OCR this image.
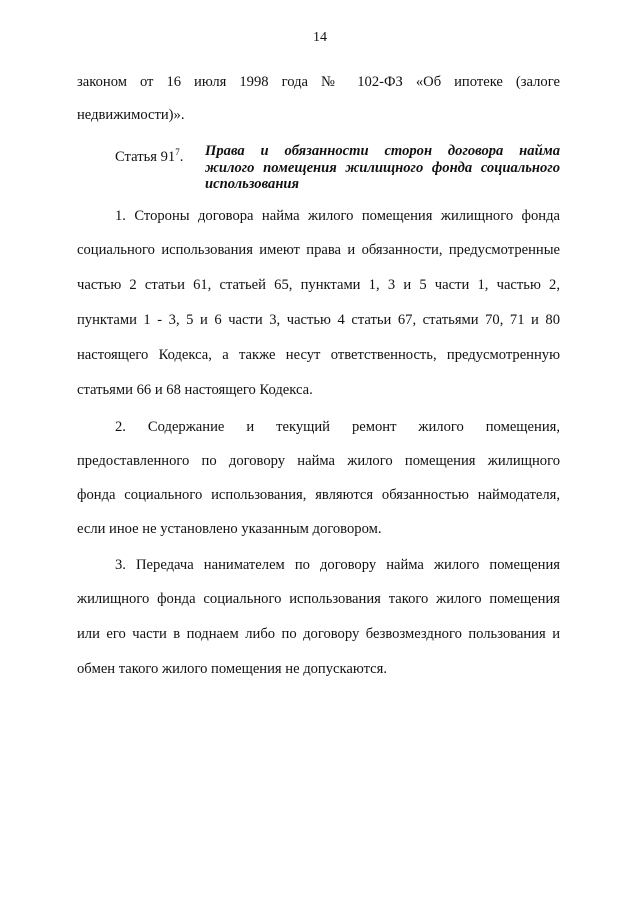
14
законом от 16 июля 1998 года № 102-ФЗ «Об ипотеке (залоге
недвижимости)».
Статья $91^7$. Права и обязанности сторон договора найма
жилого помещения жилищного фонда социального
использования
1. Стороны договора найма жилого помещения жилищного фонда
социального использования имеют права и обязанности, предусмотренные
частью 2 статьи 61, статьей 65, пунктами 1, 3 и 5 части 1, частью 2,
пунктами 1 - 3, 5 и 6 части 3, частью 4 статьи 67, статьями 70, 71 и 80
настоящего Кодекса, а также несут ответственность, предусмотренную
статьями 66 и 68 настоящего Кодекса.
2. Содержание и текущий ремонт жилого помещения,
предоставленного по договору найма жилого помещения жилищного
фонда социального использования, являются обязанностью наймодателя,
если иное не установлено указанным договором.
3. Передача нанимателем по договору найма жилого помещения
жилищного фонда социального использования такого жилого помещения
или его части в поднаем либо по договору безвозмездного пользования и
обмен такого жилого помещения не допускаются.
